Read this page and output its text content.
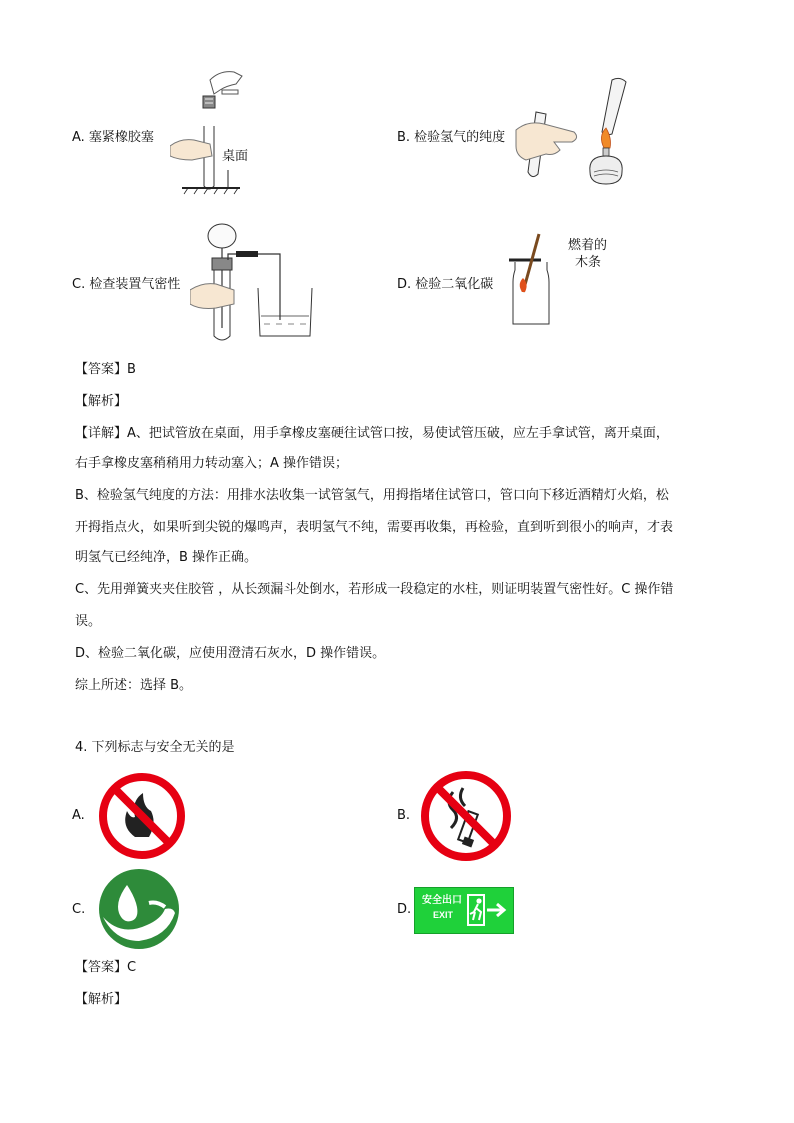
A. 塞紧橡胶塞
桌面
B. 检验氢气的纯度
C. 检查装置气密性	D. 检验二氧化碳
燃着的
木条
【答案】B
【解析】
【详解】A、把试管放在桌面，用手拿橡皮塞硬往试管口按，易使试管压破，应左手拿试管，离开桌面，
右手拿橡皮塞稍稍用力转动塞入；A 操作错误；
B、检验氢气纯度的方法：用排水法收集一试管氢气，用拇指堵住试管口，管口向下移近酒精灯火焰，松
开拇指点火，如果听到尖锐的爆鸣声，表明氢气不纯，需要再收集，再检验，直到听到很小的响声，才表
明氢气已经纯净，B 操作正确。
C、先用弹簧夹夹住胶管 ，从长颈漏斗处倒水，若形成一段稳定的水柱，则证明装置气密性好。C 操作错
误。
D、检验二氧化碳，应使用澄清石灰水，D 操作错误。
综上所述：选择 B。
4. 下列标志与安全无关的是
A.	B.
C.	D.
安全出口
EXIT
【答案】C
【解析】
